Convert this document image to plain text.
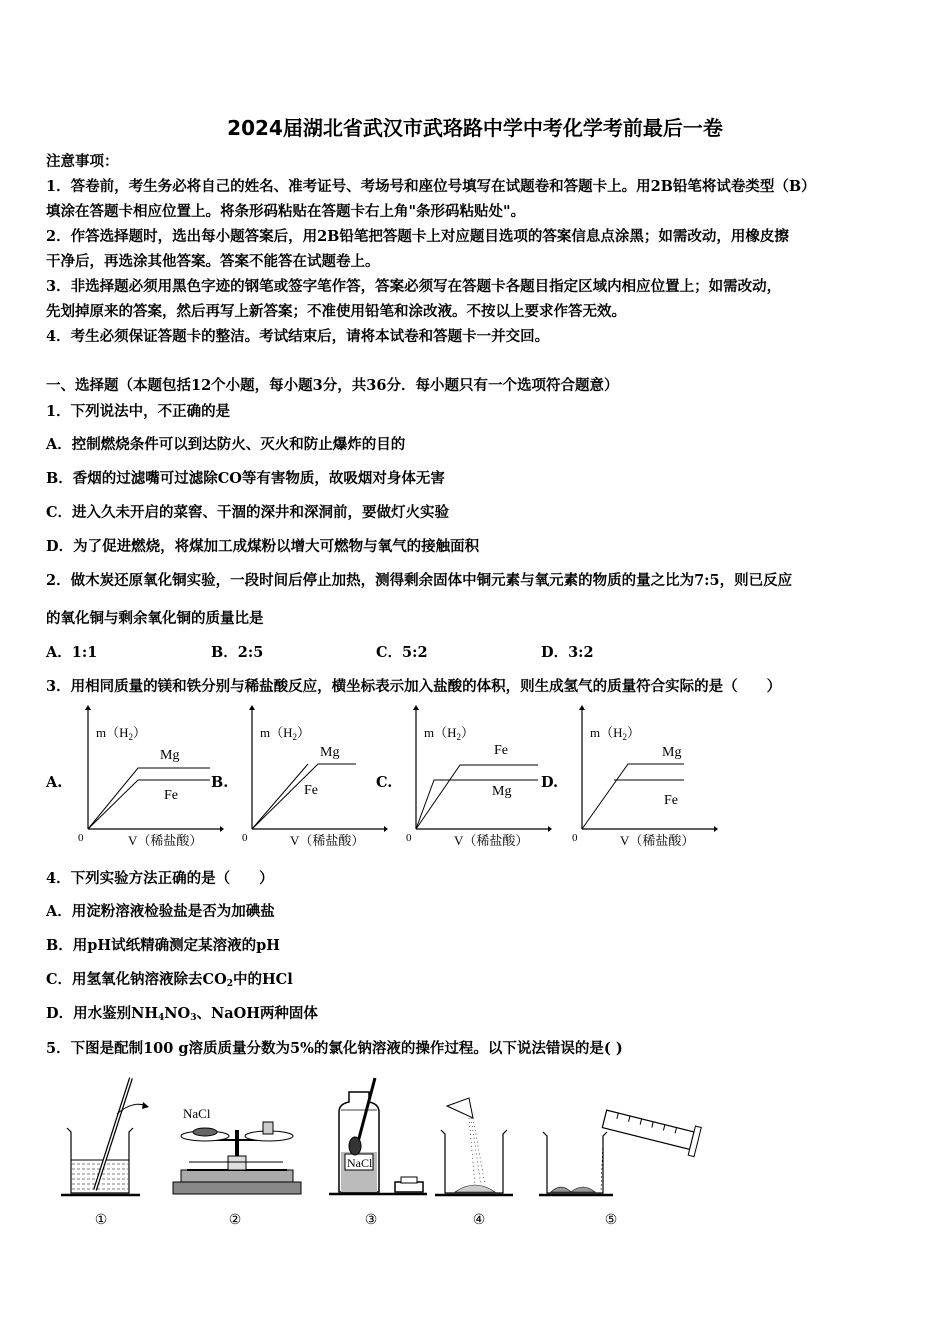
2024届湖北省武汉市武珞路中学中考化学考前最后一卷
注意事项：
1．答卷前，考生务必将自己的姓名、准考证号、考场号和座位号填写在试题卷和答题卡上。用2B铅笔将试卷类型（B）
填涂在答题卡相应位置上。将条形码粘贴在答题卡右上角"条形码粘贴处"。
2．作答选择题时，选出每小题答案后，用2B铅笔把答题卡上对应题目选项的答案信息点涂黑；如需改动，用橡皮擦
干净后，再选涂其他答案。答案不能答在试题卷上。
3．非选择题必须用黑色字迹的钢笔或签字笔作答，答案必须写在答题卡各题目指定区域内相应位置上；如需改动，
先划掉原来的答案，然后再写上新答案；不准使用铅笔和涂改液。不按以上要求作答无效。
4．考生必须保证答题卡的整洁。考试结束后，请将本试卷和答题卡一并交回。
一、选择题（本题包括12个小题，每小题3分，共36分．每小题只有一个选项符合题意）
1．下列说法中，不正确的是
A．控制燃烧条件可以到达防火、灭火和防止爆炸的目的
B．香烟的过滤嘴可过滤除CO等有害物质，故吸烟对身体无害
C．进入久未开启的菜窖、干涸的深井和深洞前，要做灯火实验
D．为了促进燃烧，将煤加工成煤粉以增大可燃物与氧气的接触面积
2．做木炭还原氧化铜实验，一段时间后停止加热，测得剩余固体中铜元素与氧元素的物质的量之比为7:5，则已反应
的氧化铜与剩余氧化铜的质量比是
A．1:1	B．2:5	C．5:2	D．3:2
3．用相同质量的镁和铁分别与稀盐酸反应，横坐标表示加入盐酸的体积，则生成氢气的质量符合实际的是（　　）
A.
$m(H_2)$
Mg
Fe
0	V（稀盐酸）
B.
$m(H_2)$
Mg
Fe
0	V（稀盐酸）
C.
$m(H_2)$
Fe
Mg
0	V（稀盐酸）
D.
$m(H_2)$
Mg
Fe
0	V（稀盐酸）
4．下列实验方法正确的是（　　）
A．用淀粉溶液检验盐是否为加碘盐
B．用pH试纸精确测定某溶液的pH
C．用氢氧化钠溶液除去$CO_2$中的HCl
D．用水鉴别$NH_4NO_3$、NaOH两种固体
5．下图是配制100 g溶质质量分数为5%的氯化钠溶液的操作过程。以下说法错误的是( )
①
NaCl
②
NaCl
③	④	⑤
